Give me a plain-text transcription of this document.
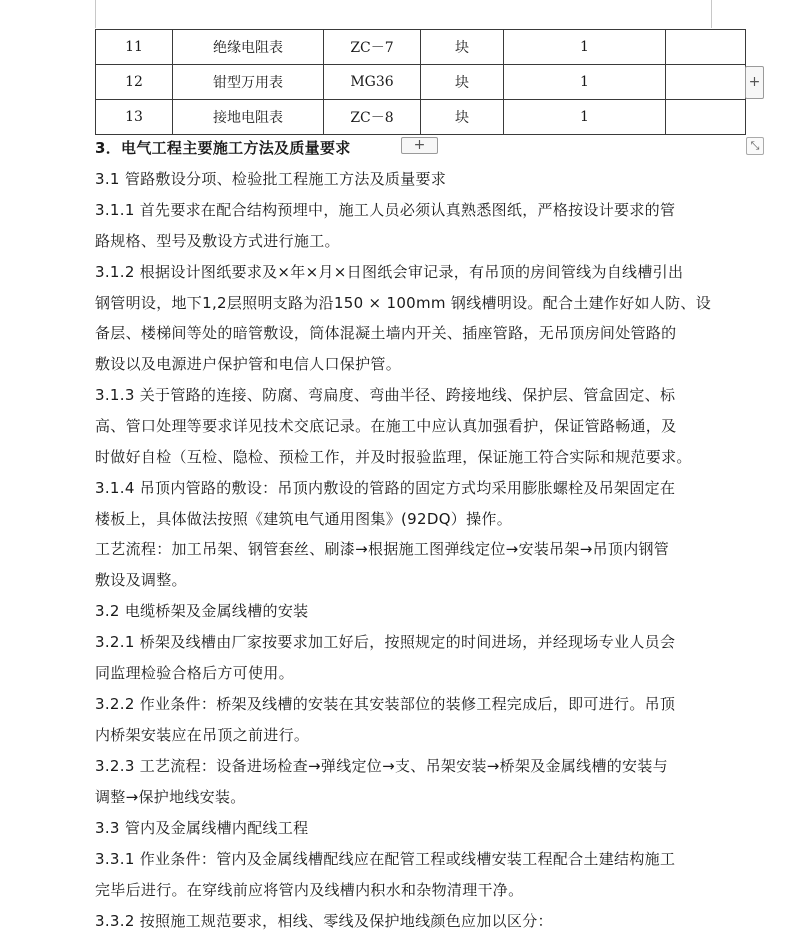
11	绝缘电阻表	ZC－7	块	1	
12	钳型万用表	MG36	块	1	
13	接地电阻表	ZC－8	块	1	
+
+	⤡
3．电气工程主要施工方法及质量要求
3.1 管路敷设分项、检验批工程施工方法及质量要求
3.1.1 首先要求在配合结构预埋中，施工人员必须认真熟悉图纸，严格按设计要求的管
路规格、型号及敷设方式进行施工。
3.1.2 根据设计图纸要求及×年×月×日图纸会审记录，有吊顶的房间管线为自线槽引出
钢管明设，地下1,2层照明支路为沿150 × 100mm 钢线槽明设。配合土建作好如人防、设
备层、楼梯间等处的暗管敷设，筒体混凝土墙内开关、插座管路，无吊顶房间处管路的
敷设以及电源进户保护管和电信人口保护管。
3.1.3 关于管路的连接、防腐、弯扁度、弯曲半径、跨接地线、保护层、管盒固定、标
高、管口处理等要求详见技术交底记录。在施工中应认真加强看护，保证管路畅通，及
时做好自检（互检、隐检、预检工作，并及时报验监理，保证施工符合实际和规范要求。
3.1.4 吊顶内管路的敷设：吊顶内敷设的管路的固定方式均采用膨胀螺栓及吊架固定在
楼板上，具体做法按照《建筑电气通用图集》(92DQ）操作。
工艺流程：加工吊架、钢管套丝、刷漆→根据施工图弹线定位→安装吊架→吊顶内钢管
敷设及调整。
3.2 电缆桥架及金属线槽的安装
3.2.1 桥架及线槽由厂家按要求加工好后，按照规定的时间进场，并经现场专业人员会
同监理检验合格后方可使用。
3.2.2 作业条件：桥架及线槽的安装在其安装部位的装修工程完成后，即可进行。吊顶
内桥架安装应在吊顶之前进行。
3.2.3 工艺流程：设备进场检查→弹线定位→支、吊架安装→桥架及金属线槽的安装与
调整→保护地线安装。
3.3 管内及金属线槽内配线工程
3.3.1 作业条件：管内及金属线槽配线应在配管工程或线槽安装工程配合土建结构施工
完毕后进行。在穿线前应将管内及线槽内积水和杂物清理干净。
3.3.2 按照施工规范要求，相线、零线及保护地线颜色应加以区分：
